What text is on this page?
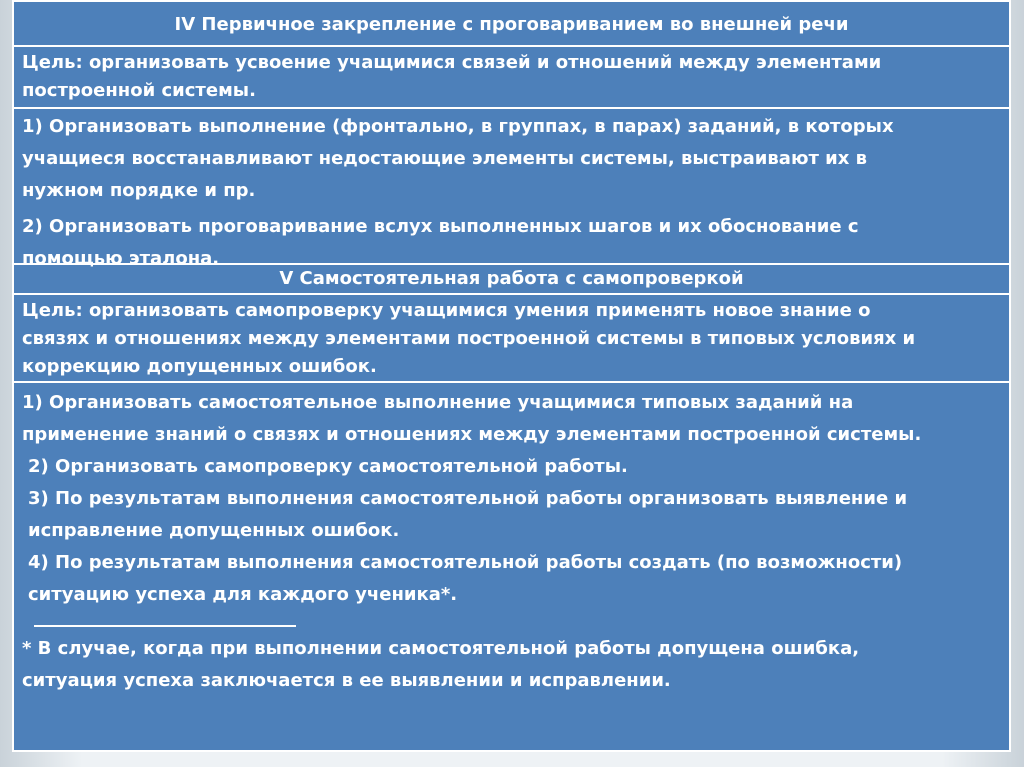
IV Первичное закрепление с проговариванием во внешней речи
Цель: организовать усвоение учащимися связей и отношений между элементами
построенной системы.
1) Организовать выполнение (фронтально, в группах, в парах) заданий, в которых
учащиеся восстанавливают недостающие элементы системы, выстраивают их в
нужном порядке и пр.
2) Организовать проговаривание вслух выполненных шагов и их обоснование с
помощью эталона.
V Самостоятельная работа с самопроверкой
Цель: организовать самопроверку учащимися умения применять новое знание о
связях и отношениях между элементами построенной системы в типовых условиях и
коррекцию допущенных ошибок.
1) Организовать самостоятельное выполнение учащимися типовых заданий на
применение знаний о связях и отношениях между элементами построенной системы.
2) Организовать самопроверку самостоятельной работы.
3) По результатам выполнения самостоятельной работы организовать выявление и
исправление допущенных ошибок.
4) По результатам выполнения самостоятельной работы создать (по возможности)
ситуацию успеха для каждого ученика*.
* В случае, когда при выполнении самостоятельной работы допущена ошибка,
ситуация успеха заключается в ее выявлении и исправлении.
